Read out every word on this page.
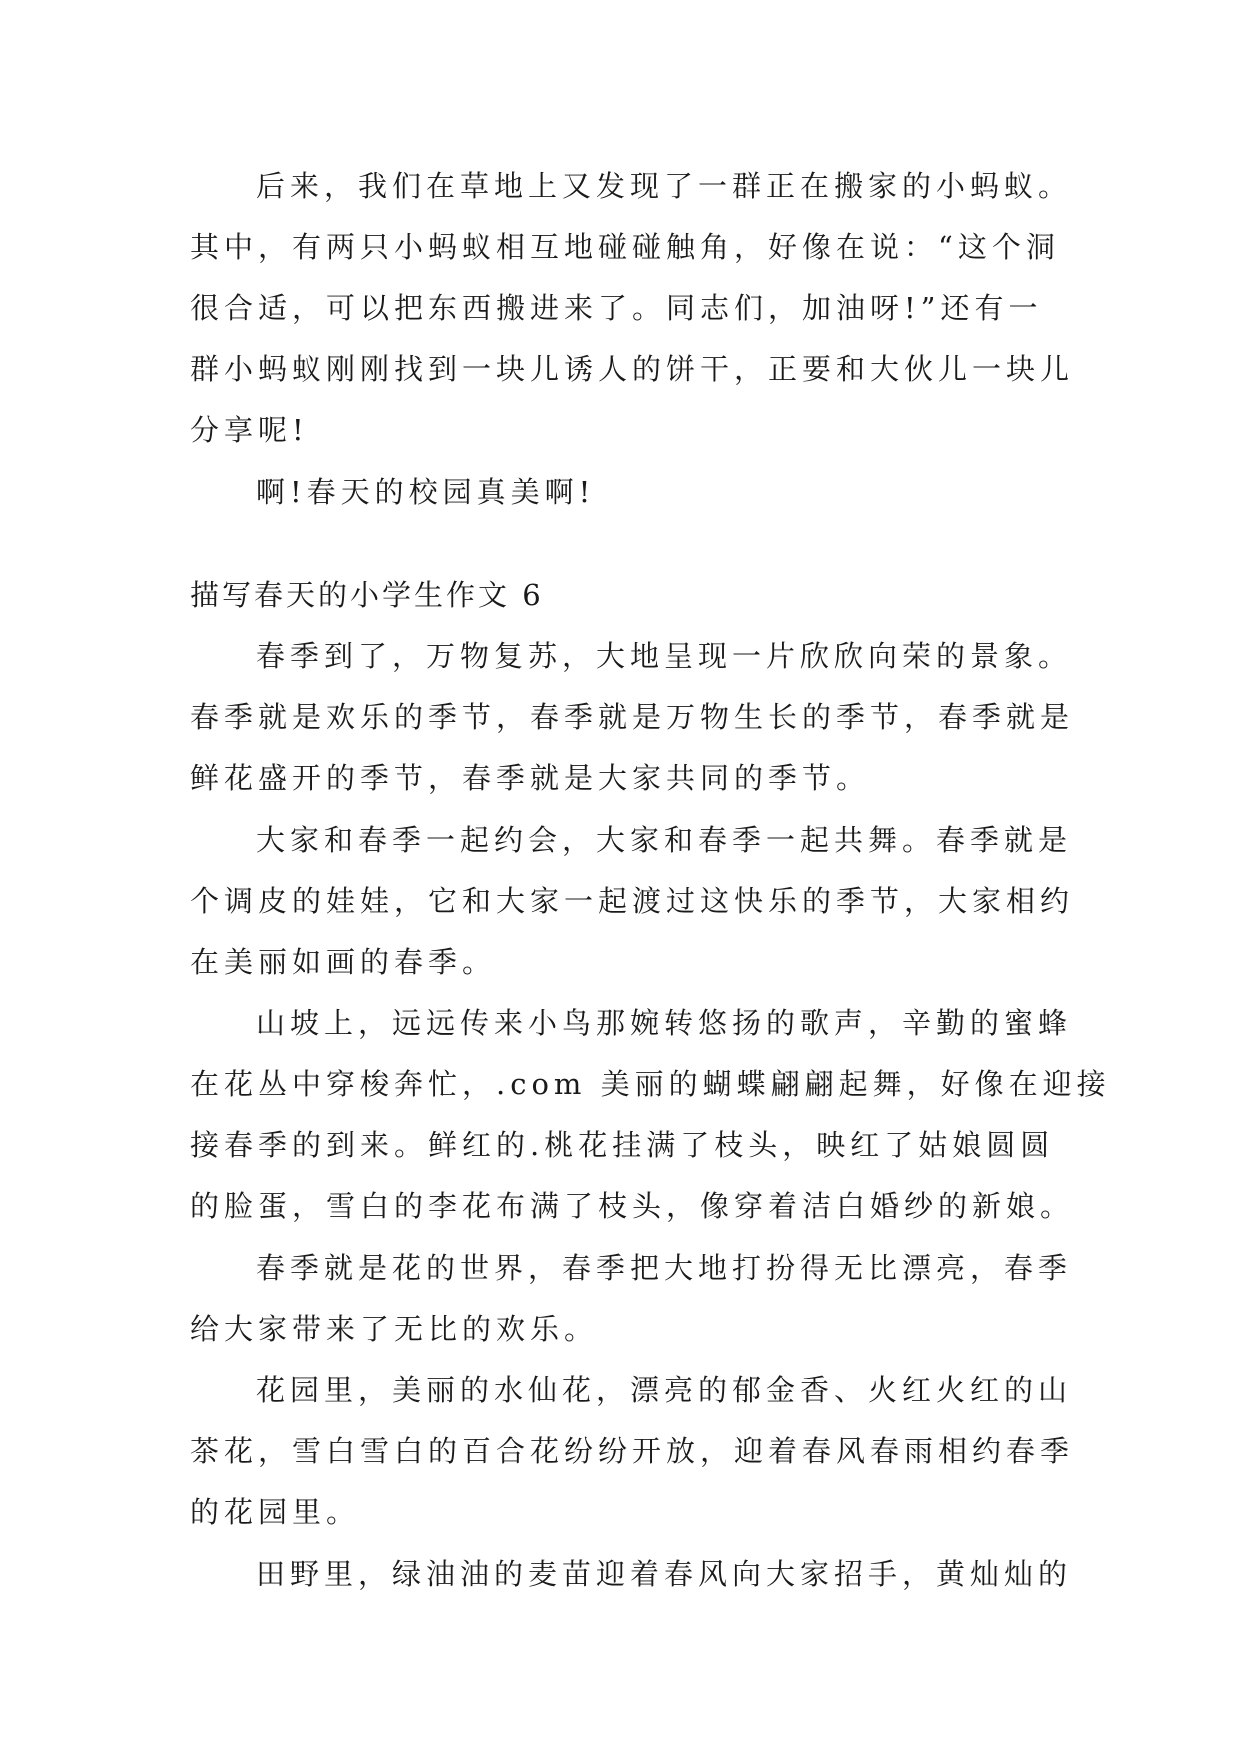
后来，我们在草地上又发现了一群正在搬家的小蚂蚁。
其中，有两只小蚂蚁相互地碰碰触角，好像在说：“这个洞
很合适，可以把东西搬进来了。同志们，加油呀!”还有一
群小蚂蚁刚刚找到一块儿诱人的饼干，正要和大伙儿一块儿
分享呢!
啊!春天的校园真美啊!
描写春天的小学生作文 6
春季到了，万物复苏，大地呈现一片欣欣向荣的景象。
春季就是欢乐的季节，春季就是万物生长的季节，春季就是
鲜花盛开的季节，春季就是大家共同的季节。
大家和春季一起约会，大家和春季一起共舞。春季就是
个调皮的娃娃，它和大家一起渡过这快乐的季节，大家相约
在美丽如画的春季。
山坡上，远远传来小鸟那婉转悠扬的歌声，辛勤的蜜蜂
在花丛中穿梭奔忙，.com 美丽的蝴蝶翩翩起舞，好像在迎接
接春季的到来。鲜红的.桃花挂满了枝头，映红了姑娘圆圆
的脸蛋，雪白的李花布满了枝头，像穿着洁白婚纱的新娘。
春季就是花的世界，春季把大地打扮得无比漂亮，春季
给大家带来了无比的欢乐。
花园里，美丽的水仙花，漂亮的郁金香、火红火红的山
茶花，雪白雪白的百合花纷纷开放，迎着春风春雨相约春季
的花园里。
田野里，绿油油的麦苗迎着春风向大家招手，黄灿灿的
